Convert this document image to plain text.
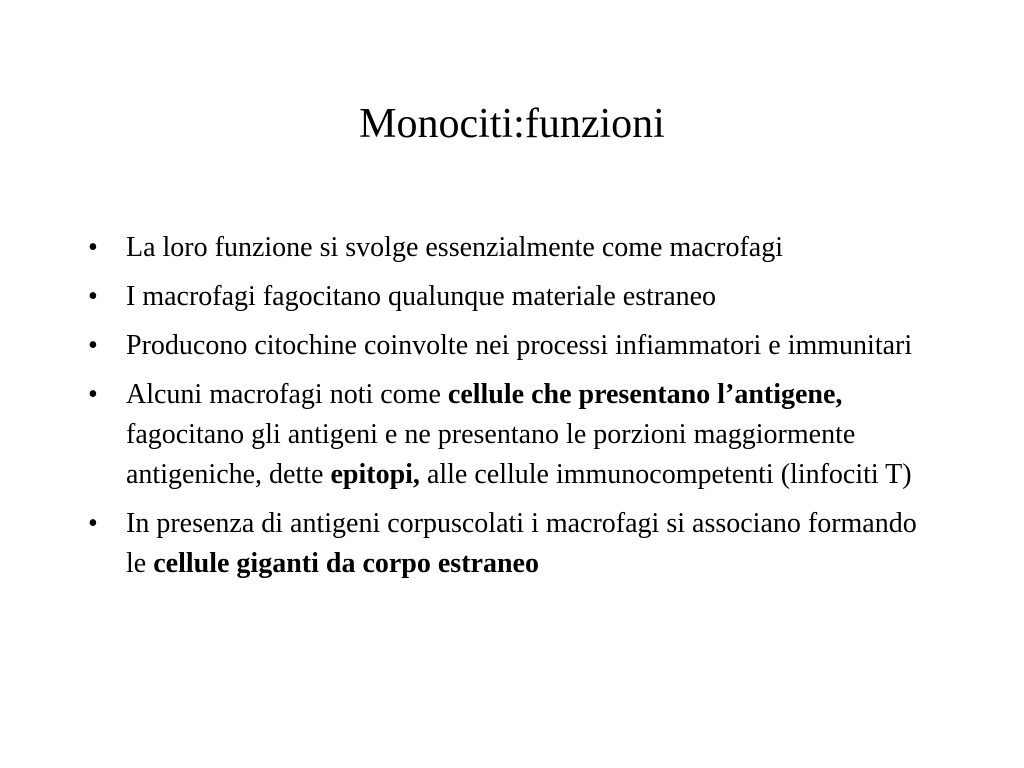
Monociti:funzioni
• La loro funzione si svolge essenzialmente come macrofagi
• I macrofagi fagocitano qualunque materiale estraneo
• Producono citochine coinvolte nei processi infiammatori e immunitari
• Alcuni macrofagi noti come cellule che presentano l’antigene, fagocitano gli antigeni e ne presentano le porzioni maggiormente antigeniche, dette epitopi, alle cellule immunocompetenti (linfociti T)
• In presenza di antigeni corpuscolati i macrofagi si associano formando le cellule giganti da corpo estraneo
